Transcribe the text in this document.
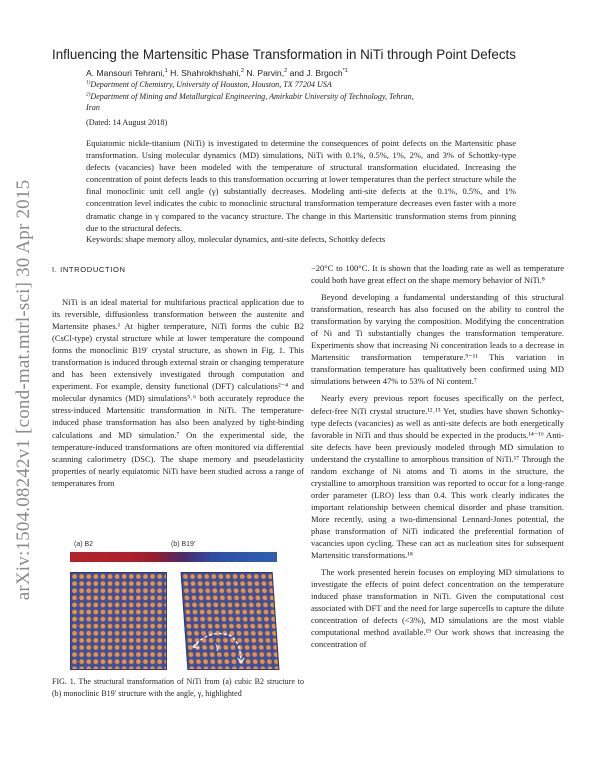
arXiv:1504.08242v1 [cond-mat.mtrl-sci] 30 Apr 2015
Influencing the Martensitic Phase Transformation in NiTi through Point Defects
A. Mansouri Tehrani,$^1$ H. Shahrokhshahi,$^2$ N. Parvin,$^2$ and J. Brgoch$^{*1}$
$^{1)}$Department of Chemistry, University of Houston, Houston, TX 77204 USA
$^{2)}$Department of Mining and Metallurgical Engineering, Amirkabir University of Technology, Tehran,
Iran
(Dated: 14 August 2018)
Equiatomic nickle-titanium (NiTi) is investigated to determine the consequences of point defects on the Martensitic phase transformation. Using molecular dynamics (MD) simulations, NiTi with 0.1%, 0.5%, 1%, 2%, and 3% of Schottky-type defects (vacancies) have been modeled with the temperature of structural transformation elucidated. Increasing the concentration of point defects leads to this transformation occurring at lower temperatures than the perfect structure while the final monoclinic unit cell angle (γ) substantially decreases. Modeling anti-site defects at the 0.1%, 0.5%, and 1% concentration level indicates the cubic to monoclinic structural transformation temperature decreases even faster with a more dramatic change in γ compared to the vacancy structure. The change in this Martensitic transformation stems from pinning due to the structural defects.
Keywords: shape memory alloy, molecular dynamics, anti-site defects, Schottky defects
I. INTRODUCTION

NiTi is an ideal material for multifarious practical application due to its reversible, diffusionless transformation between the austenite and Martensite phases.¹ At higher temperature, NiTi forms the cubic B2 (CsCl-type) crystal structure while at lower temperature the compound forms the monoclinic B19′ crystal structure, as shown in Fig. 1. This transformation is induced through external strain or changing temperature and has been extensively investigated through computation and experiment. For example, density functional (DFT) calculations²⁻⁴ and molecular dynamics (MD) simulations⁵˒⁶ both accurately reproduce the stress-induced Martensitic transformation in NiTi. The temperature-induced phase transformation has also been analyzed by tight-binding calculations and MD simulation.⁷ On the experimental side, the temperature-induced transformations are often monitored via differential scanning calorimetry (DSC). The shape memory and pseudelasticity properties of nearly equiatomic NiTi have been studied across a range of temperatures from

−20°C to 100°C. It is shown that the loading rate as well as temperature could both have great effect on the shape memory behavior of NiTi.⁸

Beyond developing a fundamental understanding of this structural transformation, research has also focused on the ability to control the transformation by varying the composition. Modifying the concentration of Ni and Ti substantially changes the transformation temperature. Experiments show that increasing Ni concentration leads to a decrease in Martensitic transformation temperature.⁹⁻¹¹ This variation in transformation temperature has qualitatively been confirmed using MD simulations between 47% to 53% of Ni content.⁷

Nearly every previous report focuses specifically on the perfect, defect-free NiTi crystal structure.¹²˒¹³ Yet, studies have shown Schottky-type defects (vacancies) as well as anti-site defects are both energetically favorable in NiTi and thus should be expected in the products.¹⁴⁻¹⁶ Anti-site defects have been previously modeled through MD simulation to understand the crystalline to amorphous transition of NiTi.¹⁷ Through the random exchange of Ni atoms and Ti atoms in the structure, the crystalline to amorphous transition was reported to occur for a long-range order parameter (LRO) less than 0.4. This work clearly indicates the important relationship between chemical disorder and phase transition. More recently, using a two-dimensional Lennard-Jones potential, the phase transformation of NiTi indicated the preferential formation of vacancies upon cycling. These can act as nucleation sites for subsequent Martensitic transformations.¹⁸

The work presented herein focuses on employing MD simulations to investigate the effects of point defect concentration on the temperature induced phase transformation in NiTi. Given the computational cost associated with DFT and the need for large supercells to capture the dilute concentration of defects (<3%), MD simulations are the most viable computational method available.¹⁹ Our work shows that increasing the concentration of

(a) B2	(b) B19′
γ
FIG. 1. The structural transformation of NiTi from (a) cubic B2 structure to (b) monoclinic B19′ structure with the angle, γ, highlighted
